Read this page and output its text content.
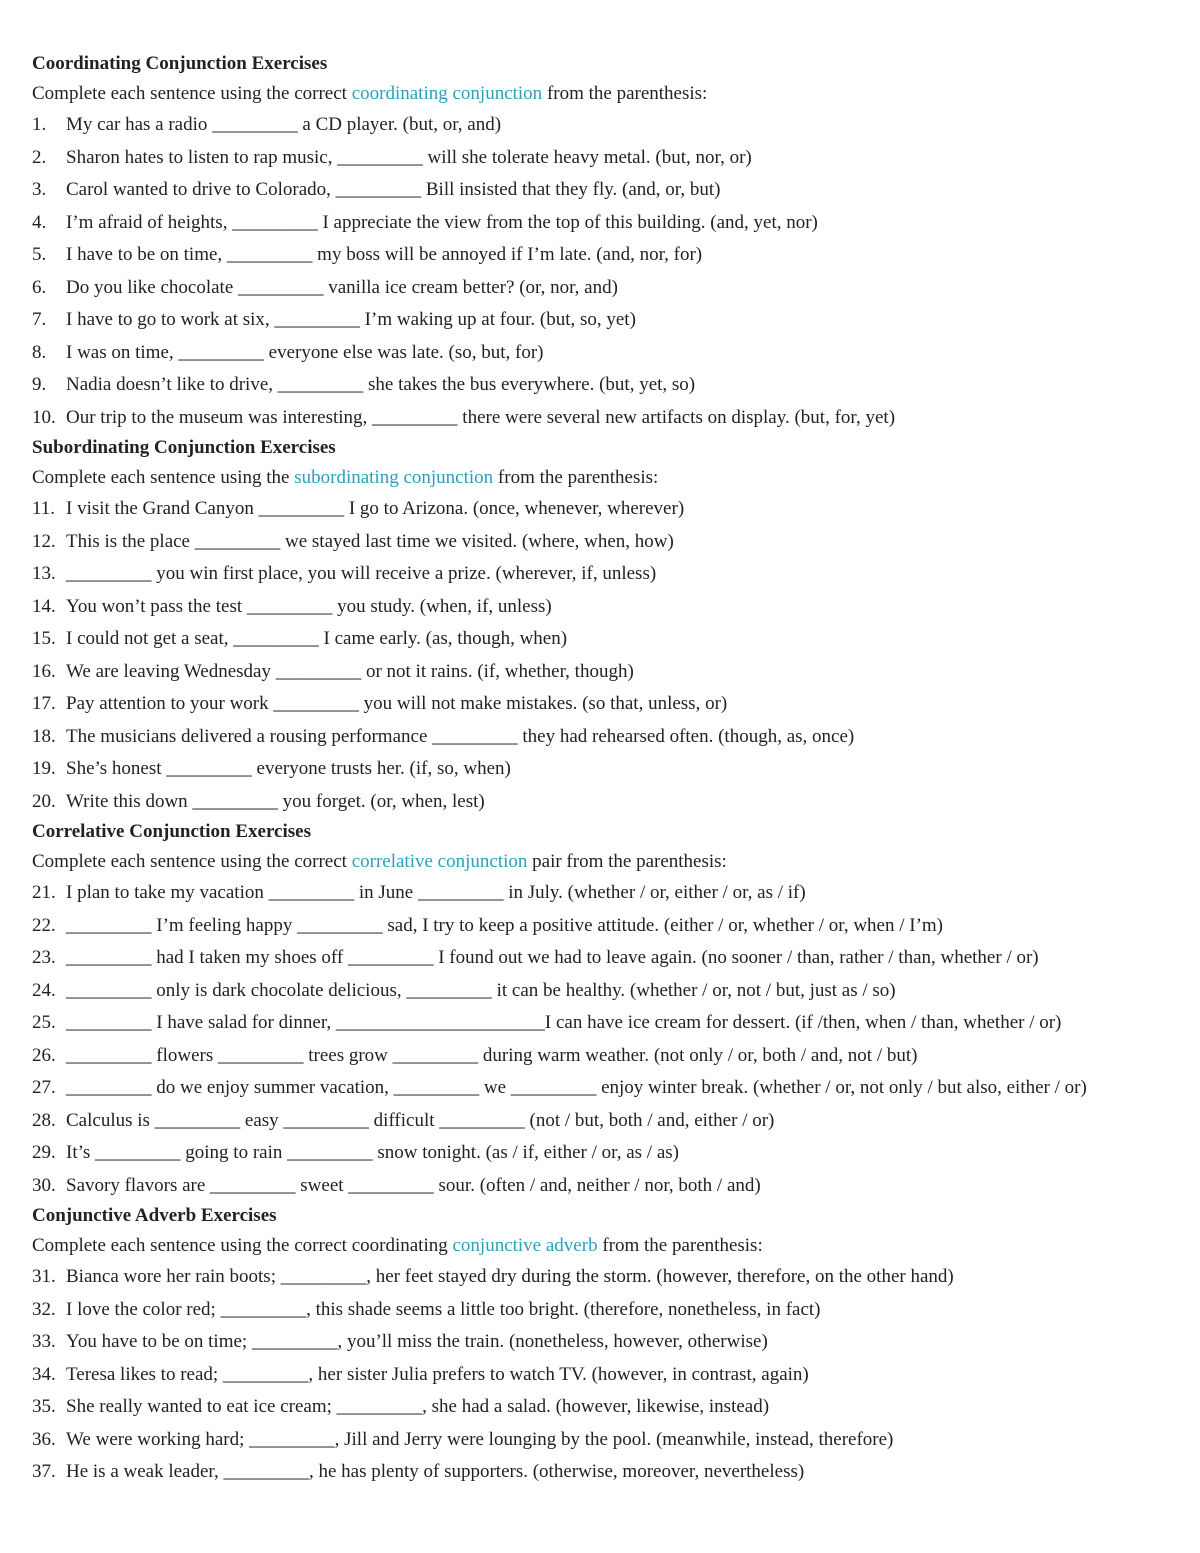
Coordinating Conjunction Exercises
Complete each sentence using the correct coordinating conjunction from the parenthesis:
1.	My car has a radio _________ a CD player. (but, or, and)
2.	Sharon hates to listen to rap music, _________ will she tolerate heavy metal. (but, nor, or)
3.	Carol wanted to drive to Colorado, _________ Bill insisted that they fly. (and, or, but)
4.	I’m afraid of heights, _________ I appreciate the view from the top of this building. (and, yet, nor)
5.	I have to be on time, _________ my boss will be annoyed if I’m late. (and, nor, for)
6.	Do you like chocolate _________ vanilla ice cream better? (or, nor, and)
7.	I have to go to work at six, _________ I’m waking up at four. (but, so, yet)
8.	I was on time, _________ everyone else was late. (so, but, for)
9.	Nadia doesn’t like to drive, _________ she takes the bus everywhere. (but, yet, so)
10. Our trip to the museum was interesting, _________ there were several new artifacts on display. (but, for, yet)
Subordinating Conjunction Exercises
Complete each sentence using the subordinating conjunction from the parenthesis:
11. I visit the Grand Canyon _________ I go to Arizona. (once, whenever, wherever)
12. This is the place _________ we stayed last time we visited. (where, when, how)
13. _________ you win first place, you will receive a prize. (wherever, if, unless)
14. You won’t pass the test _________ you study. (when, if, unless)
15. I could not get a seat, _________ I came early. (as, though, when)
16. We are leaving Wednesday _________ or not it rains. (if, whether, though)
17. Pay attention to your work _________ you will not make mistakes. (so that, unless, or)
18. The musicians delivered a rousing performance _________ they had rehearsed often. (though, as, once)
19. She’s honest _________ everyone trusts her. (if, so, when)
20. Write this down _________ you forget. (or, when, lest)
Correlative Conjunction Exercises
Complete each sentence using the correct correlative conjunction pair from the parenthesis:
21. I plan to take my vacation _________ in June _________ in July. (whether / or, either / or, as / if)
22. _________ I’m feeling happy _________ sad, I try to keep a positive attitude. (either / or, whether / or, when / I’m)
23. _________ had I taken my shoes off _________ I found out we had to leave again. (no sooner / than, rather / than, whether / or)
24. _________ only is dark chocolate delicious, _________ it can be healthy. (whether / or, not / but, just as / so)
25. _________ I have salad for dinner, ______________________I can have ice cream for dessert. (if /then, when / than, whether / or)
26. _________ flowers _________ trees grow _________ during warm weather. (not only / or, both / and, not / but)
27. _________ do we enjoy summer vacation, _________ we _________ enjoy winter break. (whether / or, not only / but also, either / or)
28. Calculus is _________ easy _________ difficult _________ (not / but, both / and, either / or)
29. It’s _________ going to rain _________ snow tonight. (as / if, either / or, as / as)
30. Savory flavors are _________ sweet _________ sour. (often / and, neither / nor, both / and)
Conjunctive Adverb Exercises
Complete each sentence using the correct coordinating conjunctive adverb from the parenthesis:
31. Bianca wore her rain boots; _________, her feet stayed dry during the storm. (however, therefore, on the other hand)
32. I love the color red; _________, this shade seems a little too bright. (therefore, nonetheless, in fact)
33. You have to be on time; _________, you’ll miss the train. (nonetheless, however, otherwise)
34. Teresa likes to read; _________, her sister Julia prefers to watch TV. (however, in contrast, again)
35. She really wanted to eat ice cream; _________, she had a salad. (however, likewise, instead)
36. We were working hard; _________, Jill and Jerry were lounging by the pool. (meanwhile, instead, therefore)
37. He is a weak leader, _________, he has plenty of supporters. (otherwise, moreover, nevertheless)
